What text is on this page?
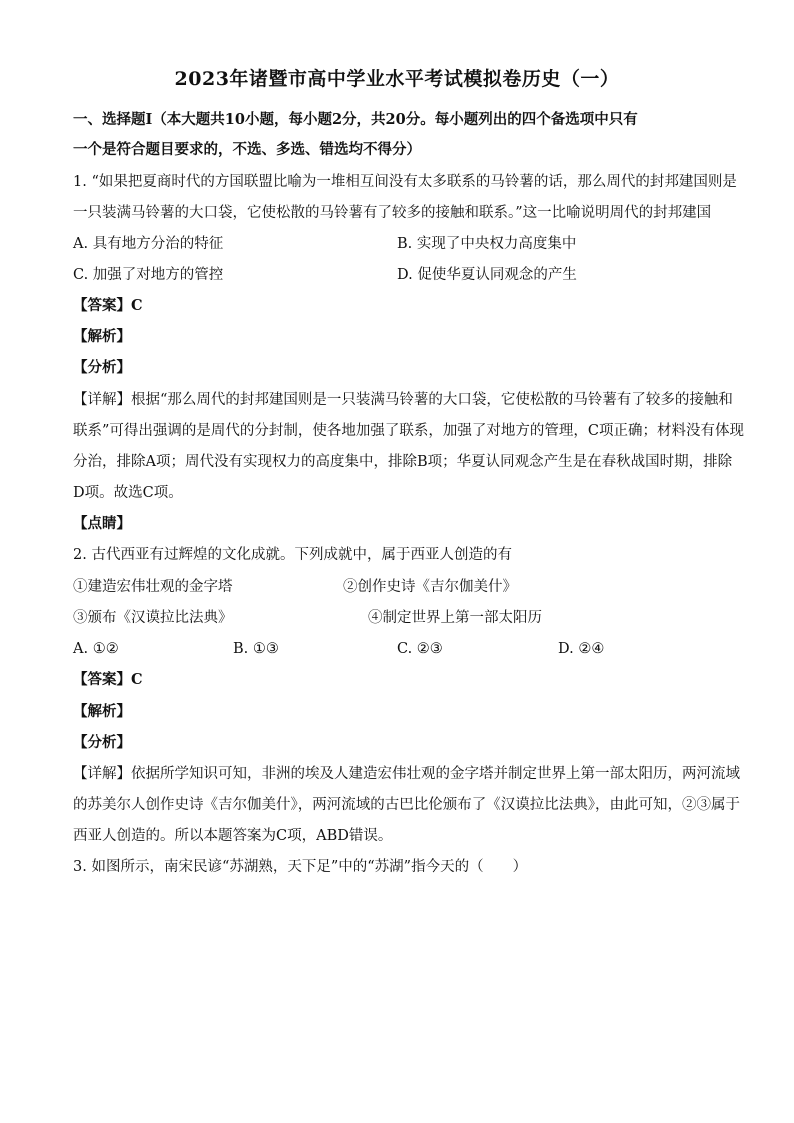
2023年诸暨市高中学业水平考试模拟卷历史（一）
一、选择题Ⅰ（本大题共10小题，每小题2分，共20分。每小题列出的四个备选项中只有
一个是符合题目要求的，不选、多选、错选均不得分）
1. “如果把夏商时代的方国联盟比喻为一堆相互间没有太多联系的马铃薯的话，那么周代的封邦建国则是
一只装满马铃薯的大口袋，它使松散的马铃薯有了较多的接触和联系。”这一比喻说明周代的封邦建国
A. 具有地方分治的特征	B. 实现了中央权力高度集中
C. 加强了对地方的管控	D. 促使华夏认同观念的产生
【答案】C
【解析】
【分析】
【详解】根据“那么周代的封邦建国则是一只装满马铃薯的大口袋，它使松散的马铃薯有了较多的接触和
联系”可得出强调的是周代的分封制，使各地加强了联系，加强了对地方的管理，C项正确；材料没有体现
分治，排除A项；周代没有实现权力的高度集中，排除B项；华夏认同观念产生是在春秋战国时期，排除
D项。故选C项。
【点睛】
2. 古代西亚有过辉煌的文化成就。下列成就中，属于西亚人创造的有
①建造宏伟壮观的金字塔	②创作史诗《吉尔伽美什》
③颁布《汉谟拉比法典》	④制定世界上第一部太阳历
A. ①②	B. ①③	C. ②③	D. ②④
【答案】C
【解析】
【分析】
【详解】依据所学知识可知，非洲的埃及人建造宏伟壮观的金字塔并制定世界上第一部太阳历，两河流域
的苏美尔人创作史诗《吉尔伽美什》，两河流域的古巴比伦颁布了《汉谟拉比法典》，由此可知，②③属于
西亚人创造的。所以本题答案为C项，ABD错误。
3. 如图所示，南宋民谚“苏湖熟，天下足”中的“苏湖”指今天的（　　）
